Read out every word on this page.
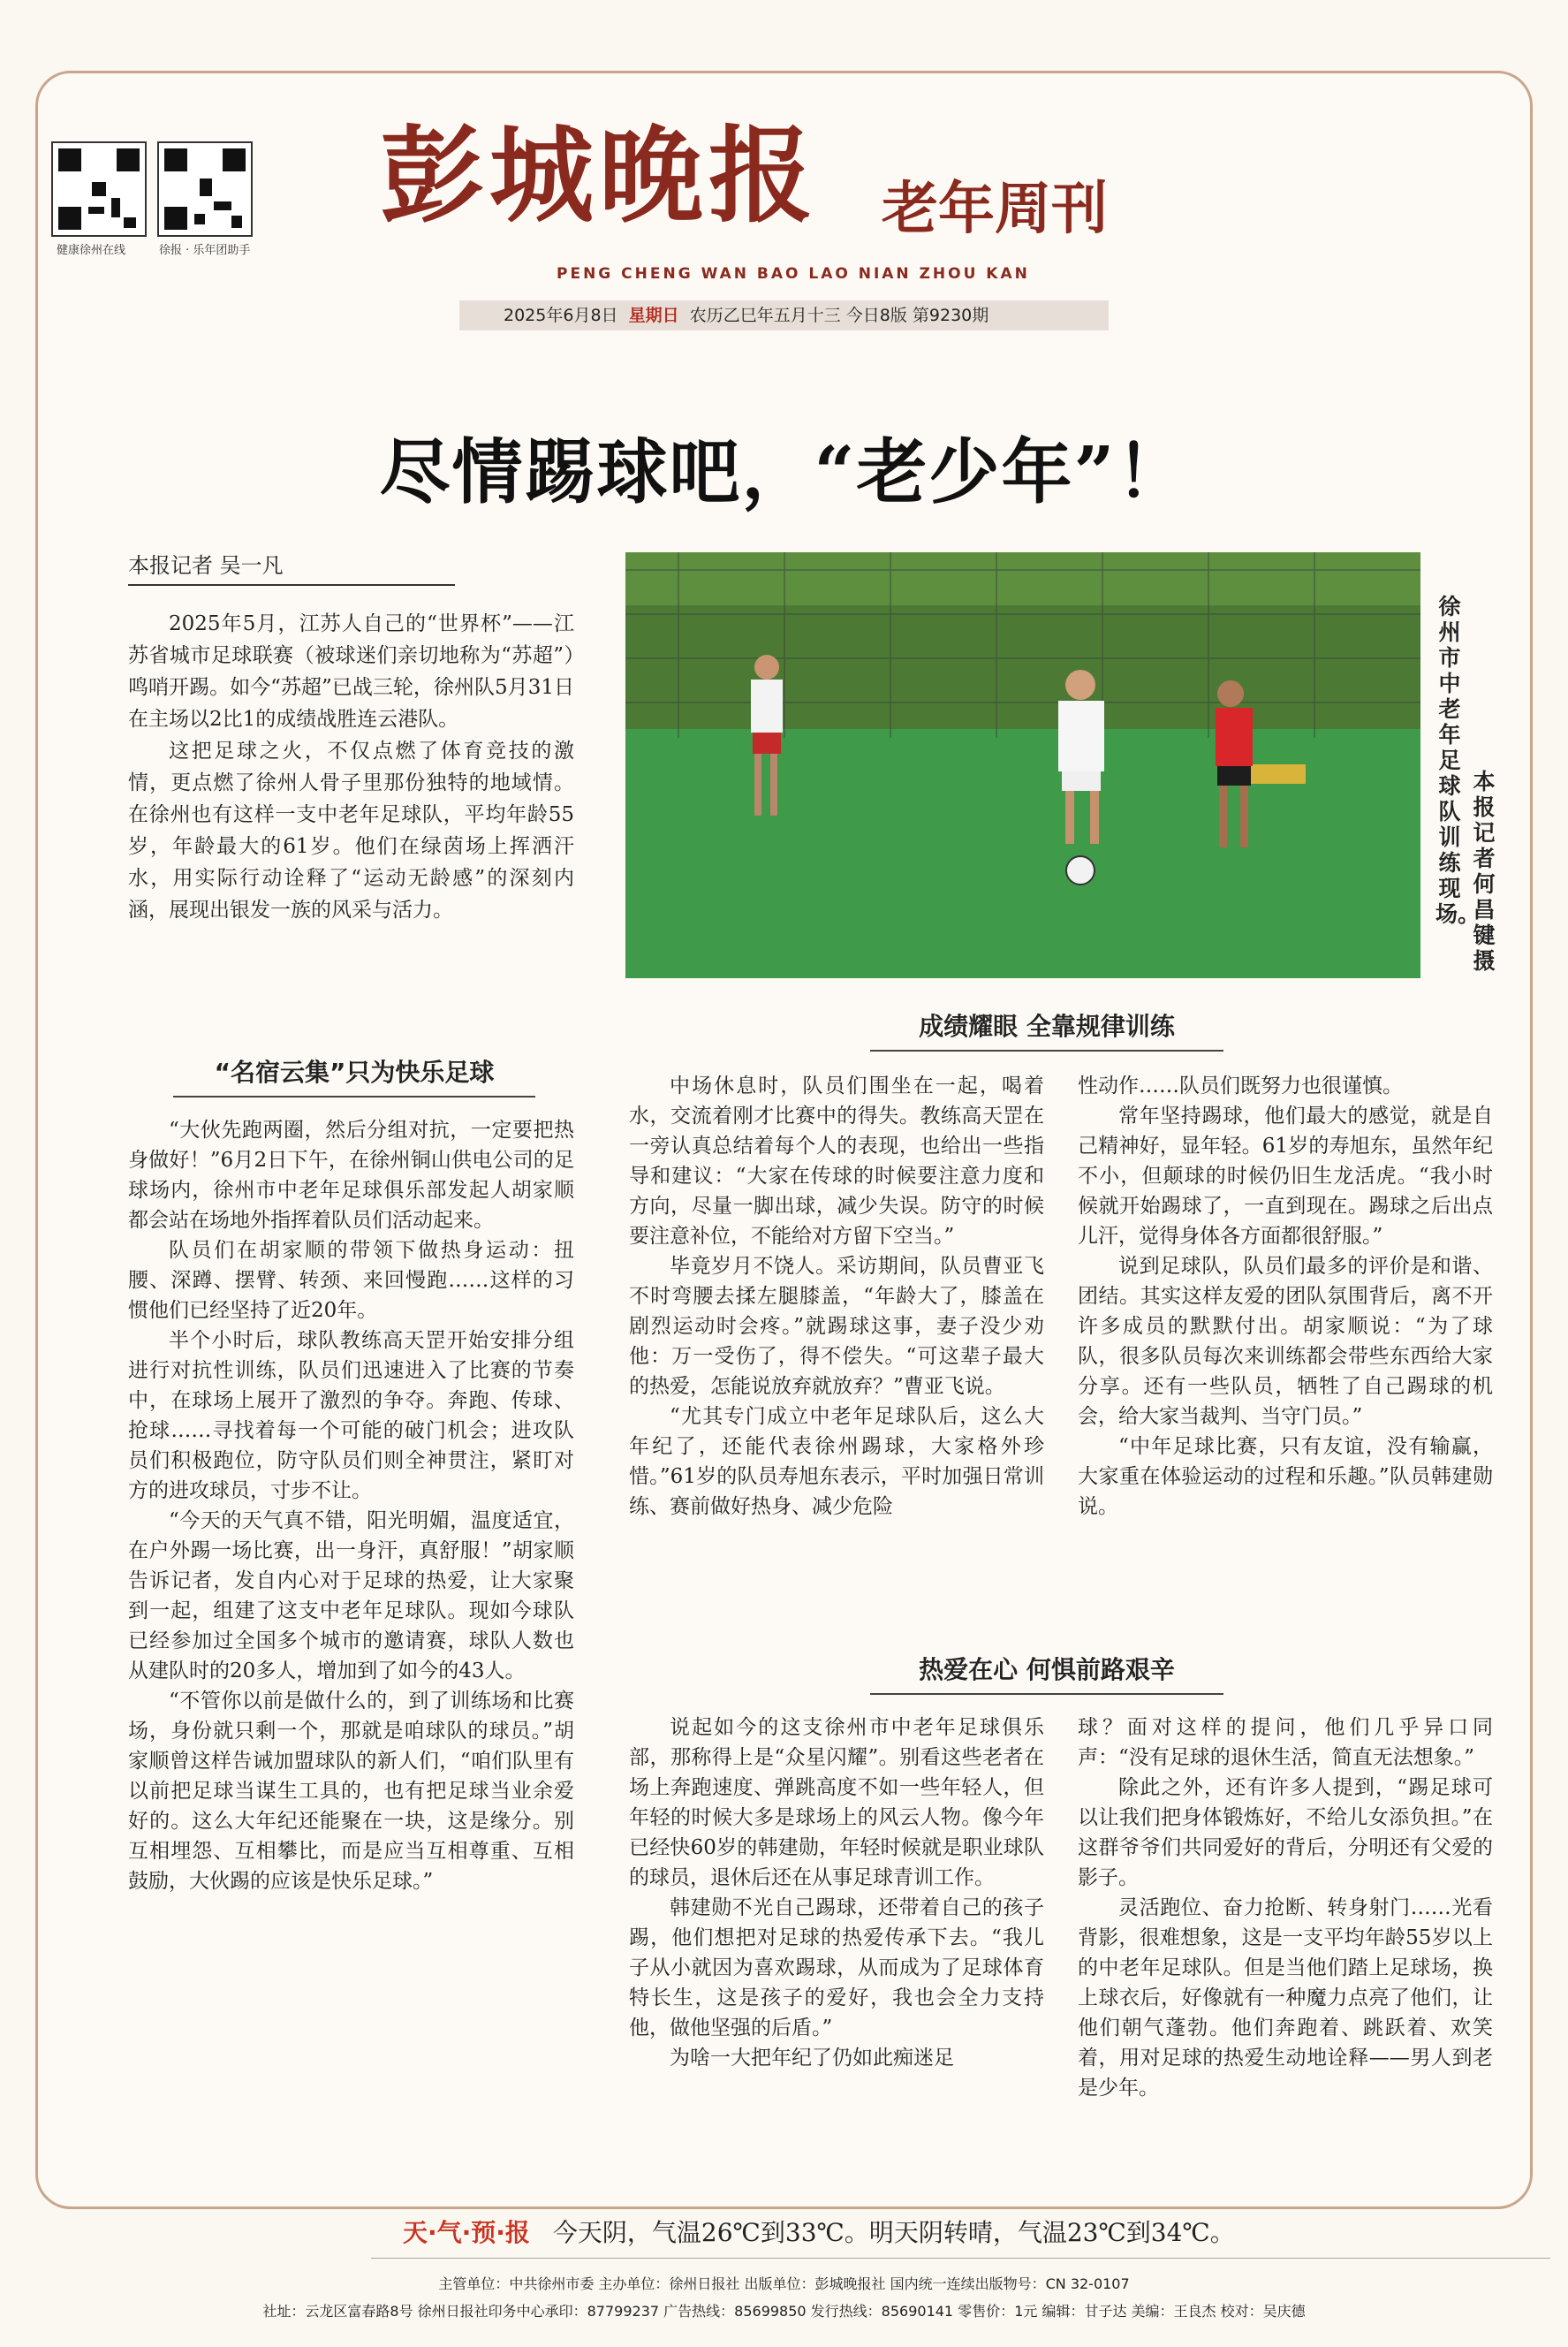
健康徐州在线	徐报 · 乐年团助手
彭城晚报 老年周刊
PENG CHENG WAN BAO LAO NIAN ZHOU KAN
2025年6月8日 星期日 农历乙巳年五月十三 今日8版 第9230期
尽情踢球吧，“老少年”！
本报记者 吴一凡

2025年5月，江苏人自己的“世界杯”——江苏省城市足球联赛（被球迷们亲切地称为“苏超”）鸣哨开踢。如今“苏超”已战三轮，徐州队5月31日在主场以2比1的成绩战胜连云港队。

这把足球之火，不仅点燃了体育竞技的激情，更点燃了徐州人骨子里那份独特的地域情。在徐州也有这样一支中老年足球队，平均年龄55岁，年龄最大的61岁。他们在绿茵场上挥洒汗水，用实际行动诠释了“运动无龄感”的深刻内涵，展现出银发一族的风采与活力。

徐州市中老年足球队训练现场。
本报记者 何昌键 摄
“名宿云集”只为快乐足球
成绩耀眼 全靠规律训练
热爱在心 何惧前路艰辛

“大伙先跑两圈，然后分组对抗，一定要把热身做好！”6月2日下午，在徐州铜山供电公司的足球场内，徐州市中老年足球俱乐部发起人胡家顺都会站在场地外指挥着队员们活动起来。

队员们在胡家顺的带领下做热身运动：扭腰、深蹲、摆臂、转颈、来回慢跑……这样的习惯他们已经坚持了近20年。

半个小时后，球队教练高天罡开始安排分组进行对抗性训练，队员们迅速进入了比赛的节奏中，在球场上展开了激烈的争夺。奔跑、传球、抢球……寻找着每一个可能的破门机会；进攻队员们积极跑位，防守队员们则全神贯注，紧盯对方的进攻球员，寸步不让。

“今天的天气真不错，阳光明媚，温度适宜，在户外踢一场比赛，出一身汗，真舒服！”胡家顺告诉记者，发自内心对于足球的热爱，让大家聚到一起，组建了这支中老年足球队。现如今球队已经参加过全国多个城市的邀请赛，球队人数也从建队时的20多人，增加到了如今的43人。

“不管你以前是做什么的，到了训练场和比赛场，身份就只剩一个，那就是咱球队的球员。”胡家顺曾这样告诫加盟球队的新人们，“咱们队里有以前把足球当谋生工具的，也有把足球当业余爱好的。这么大年纪还能聚在一块，这是缘分。别互相埋怨、互相攀比，而是应当互相尊重、互相鼓励，大伙踢的应该是快乐足球。”

中场休息时，队员们围坐在一起，喝着水，交流着刚才比赛中的得失。教练高天罡在一旁认真总结着每个人的表现，也给出一些指导和建议：“大家在传球的时候要注意力度和方向，尽量一脚出球，减少失误。防守的时候要注意补位，不能给对方留下空当。”

毕竟岁月不饶人。采访期间，队员曹亚飞不时弯腰去揉左腿膝盖，“年龄大了，膝盖在剧烈运动时会疼。”就踢球这事，妻子没少劝他：万一受伤了，得不偿失。“可这辈子最大的热爱，怎能说放弃就放弃？”曹亚飞说。

“尤其专门成立中老年足球队后，这么大年纪了，还能代表徐州踢球，大家格外珍惜。”61岁的队员寿旭东表示，平时加强日常训练、赛前做好热身、减少危险

性动作……队员们既努力也很谨慎。

常年坚持踢球，他们最大的感觉，就是自己精神好，显年轻。61岁的寿旭东，虽然年纪不小，但颠球的时候仍旧生龙活虎。“我小时候就开始踢球了，一直到现在。踢球之后出点儿汗，觉得身体各方面都很舒服。”

说到足球队，队员们最多的评价是和谐、团结。其实这样友爱的团队氛围背后，离不开许多成员的默默付出。胡家顺说：“为了球队，很多队员每次来训练都会带些东西给大家分享。还有一些队员，牺牲了自己踢球的机会，给大家当裁判、当守门员。”

“中年足球比赛，只有友谊，没有输赢，大家重在体验运动的过程和乐趣。”队员韩建勋说。

说起如今的这支徐州市中老年足球俱乐部，那称得上是“众星闪耀”。别看这些老者在场上奔跑速度、弹跳高度不如一些年轻人，但年轻的时候大多是球场上的风云人物。像今年已经快60岁的韩建勋，年轻时候就是职业球队的球员，退休后还在从事足球青训工作。

韩建勋不光自己踢球，还带着自己的孩子踢，他们想把对足球的热爱传承下去。“我儿子从小就因为喜欢踢球，从而成为了足球体育特长生，这是孩子的爱好，我也会全力支持他，做他坚强的后盾。”

为啥一大把年纪了仍如此痴迷足

球？面对这样的提问，他们几乎异口同声：“没有足球的退休生活，简直无法想象。”

除此之外，还有许多人提到，“踢足球可以让我们把身体锻炼好，不给儿女添负担。”在这群爷爷们共同爱好的背后，分明还有父爱的影子。

灵活跑位、奋力抢断、转身射门……光看背影，很难想象，这是一支平均年龄55岁以上的中老年足球队。但是当他们踏上足球场，换上球衣后，好像就有一种魔力点亮了他们，让他们朝气蓬勃。他们奔跑着、跳跃着、欢笑着，用对足球的热爱生动地诠释——男人到老是少年。

天·气·预·报 今天阴，气温26℃到33℃。明天阴转晴，气温23℃到34℃。
主管单位：中共徐州市委 主办单位：徐州日报社 出版单位：彭城晚报社 国内统一连续出版物号：CN 32-0107
社址：云龙区富春路8号 徐州日报社印务中心承印：87799237 广告热线：85699850 发行热线：85690141 零售价：1元 编辑：甘子达 美编：王良杰 校对：吴庆德
